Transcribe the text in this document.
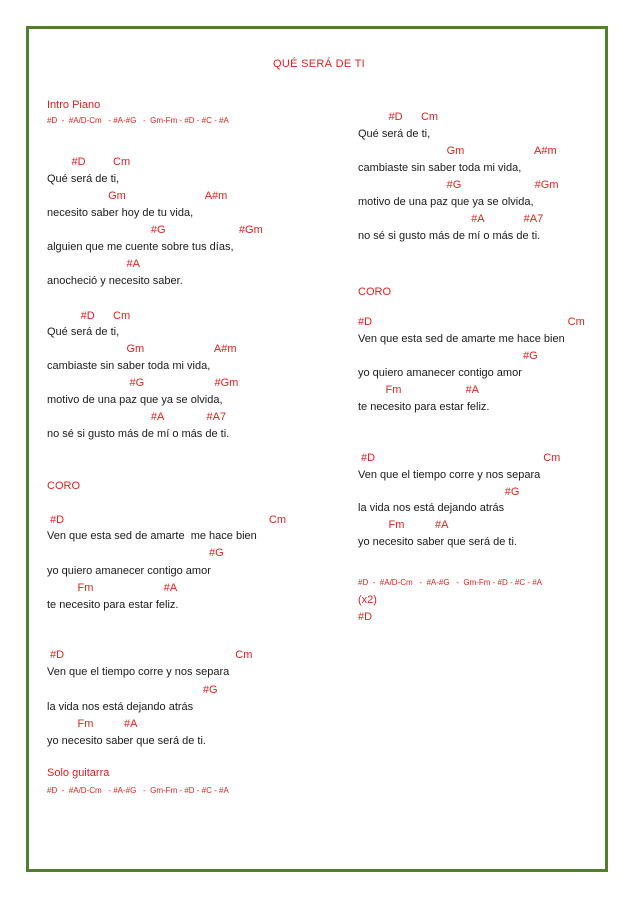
QUÉ SERÁ DE TI
Intro Piano
#D  -  #A/D-Cm   - #A-#G   -  Gm-Fm - #D - #C - #A
#D         Cm
Qué será de ti,
Gm                          A#m
necesito saber hoy de tu vida,
#G                        #Gm
alguien que me cuente sobre tus días,
#A
anocheció y necesito saber.
#D      Cm
Qué será de ti,
Gm                       A#m
cambiaste sin saber toda mi vida,
#G                       #Gm
motivo de una paz que ya se olvida,
#A              #A7
no sé si gusto más de mí o más de ti.
CORO
#D                                                                   Cm
Ven que esta sed de amarte  me hace bien
#G
yo quiero amanecer contigo amor
Fm                       #A
te necesito para estar feliz.
#D                                                        Cm
Ven que el tiempo corre y nos separa
#G
la vida nos está dejando atrás
Fm          #A
yo necesito saber que será de ti.
Solo guitarra
#D  -  #A/D-Cm   - #A-#G   -  Gm-Fm - #D - #C - #A
#D      Cm
Qué será de ti,
Gm                       A#m
cambiaste sin saber toda mi vida,
#G                        #Gm
motivo de una paz que ya se olvida,
#A             #A7
no sé si gusto más de mí o más de ti.
CORO
#D                                                                Cm
Ven que esta sed de amarte me hace bien
#G
yo quiero amanecer contigo amor
Fm                     #A
te necesito para estar feliz.
#D                                                       Cm
Ven que el tiempo corre y nos separa
#G
la vida nos está dejando atrás
Fm          #A
yo necesito saber que será de ti.
#D  -  #A/D-Cm   -  #A-#G   -  Gm-Fm - #D - #C - #A
(x2)
#D
